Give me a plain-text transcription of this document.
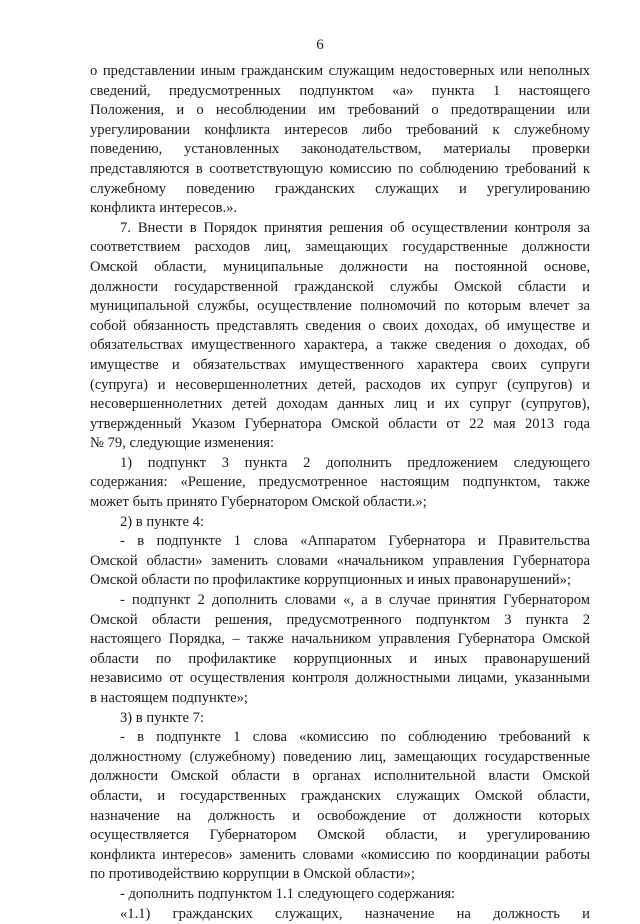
6
о представлении иным гражданским служащим недостоверных или неполных
сведений, предусмотренных подпунктом «а» пункта 1 настоящего
Положения, и о несоблюдении им требований о предотвращении или
урегулировании конфликта интересов либо требований к служебному
поведению, установленных законодательством, материалы проверки
представляются в соответствующую комиссию по соблюдению требований к
служебному поведению гражданских служащих и урегулированию
конфликта интересов.».
7. Внести в Порядок принятия решения об осуществлении контроля за
соответствием расходов лиц, замещающих государственные должности
Омской области, муниципальные должности на постоянной основе,
должности государственной гражданской службы Омской сбласти и
муниципальной службы, осуществление полномочий по которым влечет за
собой обязанность представлять сведения о своих доходах, об имуществе и
обязательствах имущественного характера, а также сведения о доходах, об
имуществе и обязательствах имущественного характера своих супруги
(супруга) и несовершеннолетних детей, расходов их супруг (супругов) и
несовершеннолетних детей доходам данных лиц и их супруг (супругов),
утвержденный Указом Губернатора Омской области от 22 мая 2013 года
№ 79, следующие изменения:
1) подпункт 3 пункта 2 дополнить предложением следующего
содержания: «Решение, предусмотренное настоящим подпунктом, также
может быть принято Губернатором Омской области.»;
2) в пункте 4:
- в подпункте 1 слова «Аппаратом Губернатора и Правительства
Омской области» заменить словами «начальником управления Губернатора
Омской области по профилактике коррупционных и иных правонарушений»;
- подпункт 2 дополнить словами «, а в случае принятия Губернатором
Омской области решения, предусмотренного подпунктом 3 пункта 2
настоящего Порядка, – также начальником управления Губернатора Омской
области по профилактике коррупционных и иных правонарушений
независимо от осуществления контроля должностными лицами, указанными
в настоящем подпункте»;
3) в пункте 7:
- в подпункте 1 слова «комиссию по соблюдению требований к
должностному (служебному) поведению лиц, замещающих государственные
должности Омской области в органах исполнительной власти Омской
области, и государственных гражданских служащих Омской области,
назначение на должность и освобождение от должности которых
осуществляется Губернатором Омской области, и урегулированию
конфликта интересов» заменить словами «комиссию по координации работы
по противодействию коррупции в Омской области»;
- дополнить подпунктом 1.1 следующего содержания:
«1.1) гражданских служащих, назначение на должность и
